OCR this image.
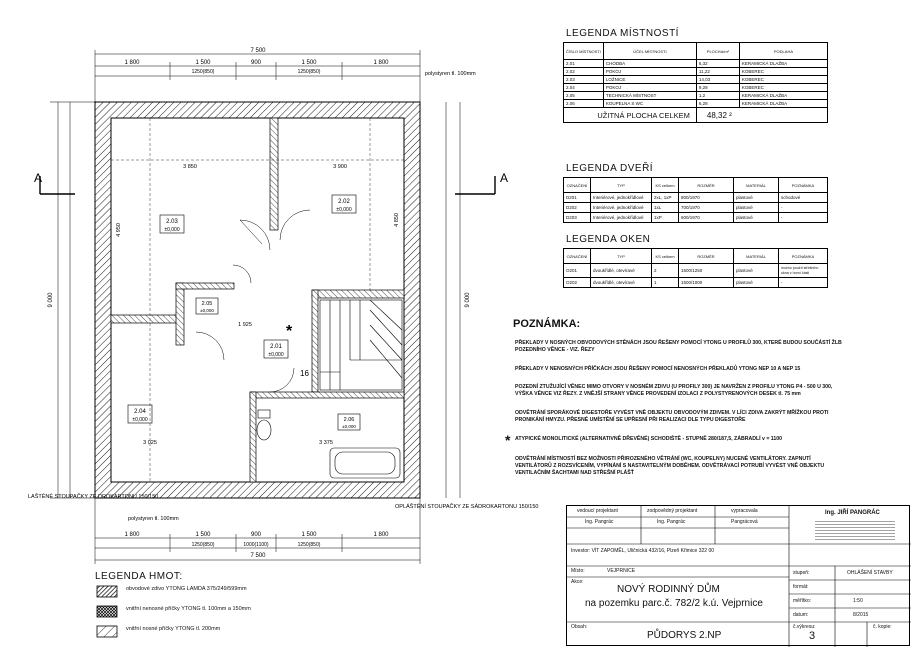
7 500
1 800	1 500	900	1 500	1 800
1250(850)	1250(850)	polystyren tl. 100mm
9 000	9 000
A	A
16
*
2.03
±0,000
2.02
±0,000
2.01
±0,000
2.04
±0,000
2.05
±0,000
2.06
±0,000
3 850	3 900
4 950
3 025
1 925
3 375
4 850
LAŠTĚNÉ STOUPAČKY ZE DROKARTONU 150/150
polystyren tl. 100mm
OPLÁŠTĚNÍ STOUPAČKY ZE SÁDROKARTONU 150/150
1 800	1 500	900	1 500	1 800
1250(850)	1000(1100)	1250(850)
7 500
LEGENDA MÍSTNOSTÍ
ČÍSLO MÍSTNOSTI	ÚČEL MÍSTNOSTI	PLOCHA/m²	PODLAHA
2.01	CHODBA	6,32	KERAMICKÁ DLAŽBA
2.02	POKOJ	11,22	KOBEREC
2.03	LOŽNICE	14,03	KOBEREC
2.04	POKOJ	9,28	KOBEREC
2.05	TECHNICKÁ MÍSTNOST	1,2	KERAMICKÁ DLAŽBA
2.06	KOUPELNA S WC	6,28	KERAMICKÁ DLAŽBA
UŽITNÁ PLOCHA CELKEM		48,32 ²	
LEGENDA DVEŘÍ
OZNAČENÍ	TYP	KS celkem	ROZMĚR	MATERIÁL	POZNÁMKA
D201	Interiérové, jednokřídlové	2xL, 1xP	800/1970	plastové	schodové
D202	Interiérové, jednokřídlové	1xL	700/1970	plastové	-
D203	Interiérové, jednokřídlové	1xP	600/1970	plastové	-
LEGENDA OKEN
OZNAČENÍ	TYP	KS celkem	ROZMĚR	MATERIÁL	POZNÁMKA
O201	dvoukřídlé, otevíravé	2	1500/1250	plastové	možno použít střešního okna v horní části
O202	dvoukřídlé, otevíravé	1	1500/1000	plastové	-
POZNÁMKA:
PŘEKLADY V NOSNÝCH OBVODOVÝCH STĚNÁCH JSOU ŘEŠENY POMOCÍ YTONG U PROFILŮ 300, KTERÉ BUDOU SOUČÁSTÍ ŽLB POZEDNÍHO VĚNCE - VIZ. ŘEZY
PŘEKLADY V NENOSNÝCH PŘÍČKÁCH JSOU ŘEŠENY POMOCÍ NENOSNÝCH PŘEKLADŮ YTONG NEP 10 A NEP 15
POZEDNÍ ZTUŽUJÍCÍ VĚNEC MIMO OTVORY V NOSNÉM ZDIVU (U PROFILY 300) JE NAVRŽEN Z PROFILU YTONG P4 - 500 U 300, VÝŠKA VĚNCE VIZ ŘEZY. Z VNĚJŠÍ STRANY VĚNCE PROVEDENÍ IZOLACI Z POLYSTYRENOVÝCH DESEK tl. 75 mm
ODVĚTRÁNÍ SPORÁKOVÉ DIGESTOŘE VYVÉST VNĚ OBJEKTU OBVODOVÝM ZDIVEM. V LÍCI ZDIVA ZAKRÝT MŘÍŽKOU PROTI PRONIKÁNÍ HMYZU. PŘESNÉ UMÍSTĚNÍ SE UPŘESNÍ PŘI REALIZACI DLE TYPU DIGESTOŘE
* ATYPICKÉ MONOLITICKÉ (ALTERNATIVNĚ DŘEVĚNÉ) SCHODIŠTĚ - STUPNĚ 280/187,5, ZÁBRADLÍ v = 1100
ODVĚTRÁNÍ MÍSTNOSTÍ BEZ MOŽNOSTI PŘIROZENÉHO VĚTRÁNÍ (WC, KOUPELNY) NUCENÉ VENTILÁTORY. ZAPNUTÍ VENTILÁTORŮ Z ROZSVÍCENÍM, VYPÍNÁNÍ S NASTAVITELNÝM DOBĚHEM. ODVĚTRÁVACÍ POTRUBÍ VYVÉST VNĚ OBJEKTU VENTILAČNÍM ŠACHTAMI NAD STŘEŠNÍ PLÁŠŤ
LEGENDA HMOT:
obvodové zdivo YTONG LAMDA 375/249/599mm
vnitřní nenosné příčky YTONG tl. 100mm a 150mm
vnitřní nosné příčky YTONG tl. 200mm
vedoucí projektant	zodpovědný projektant	vypracovala
Ing. Pangrác	Ing. Pangrác	Pangrácová
Ing. JIŘÍ PANGRÁC
Investor: VÍT ZAPOMĚL, Uličnická 432/16, Plzeň Křimice 322 00
Místo:	VEJPRNICE
Akce:
NOVÝ RODINNÝ DŮM
na pozemku parc.č. 782/2 k.ú. Vejprnice
Obsah:
PŮDORYS 2.NP
stupeň:	OHLÁŠENÍ STAVBY
formát:
měřítko:	1:50
datum:	8/2015
č.výkresu:
3
č. kopie:
